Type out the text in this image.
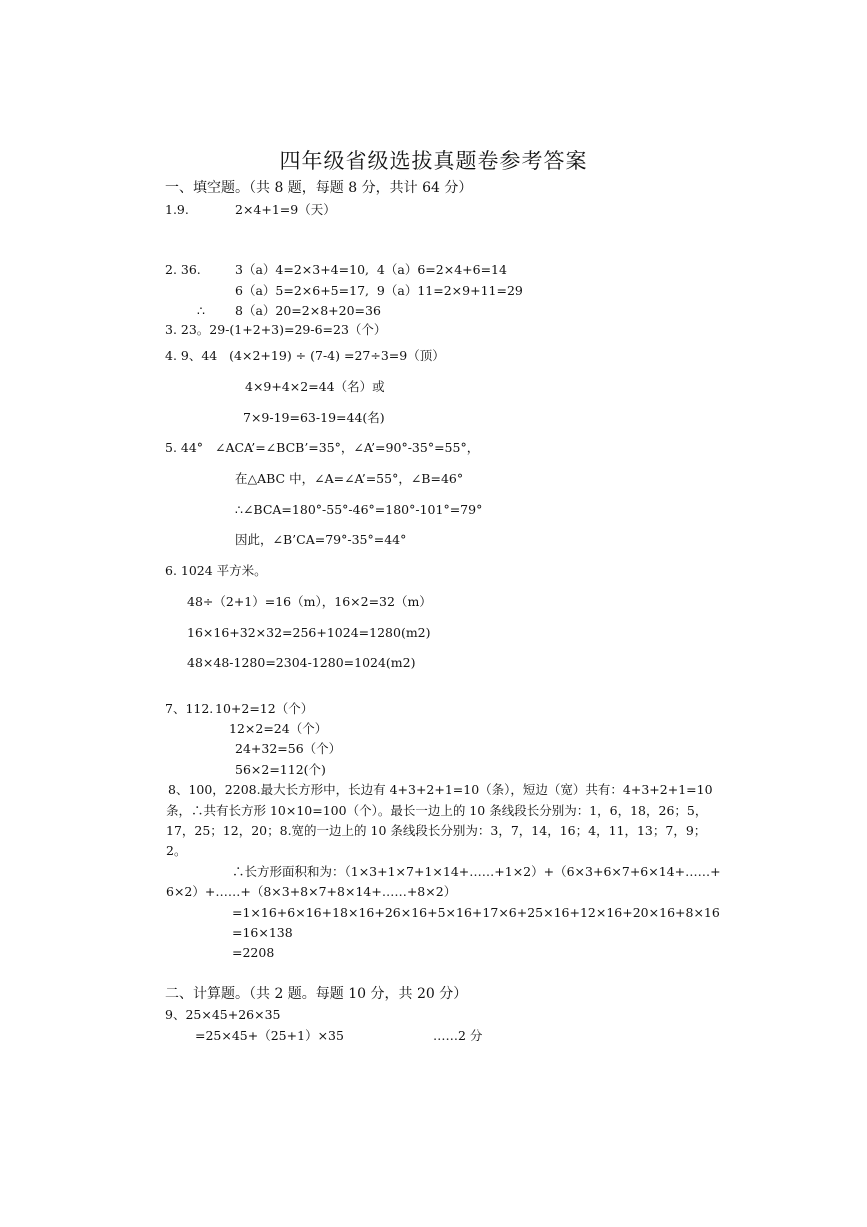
四年级省级选拔真题卷参考答案
一、填空题。（共 8 题，每题 8 分，共计 64 分）
1.9.	2×4+1=9（天）
2. 36.	3（a）4=2×3+4=10,  4（a）6=2×4+6=14
6（a）5=2×6+5=17,  9（a）11=2×9+11=29
∴ 8（a）20=2×8+20=36
3. 23。29-(1+2+3)=29-6=23（个）
4. 9、44   (4×2+19) ÷ (7-4) =27÷3=9（顶）
4×9+4×2=44（名）或
7×9-19=63-19=44(名)
5. 44°   ∠ACA’=∠BCB’=35°，∠A’=90°-35°=55°，
在△ABC 中，∠A=∠A’=55°，∠B=46°
∴∠BCA=180°-55°-46°=180°-101°=79°
因此，∠B’CA=79°-35°=44°
6. 1024 平方米。
48÷（2+1）=16（m），16×2=32（m）
16×16+32×32=256+1024=1280(m2)
48×48-1280=2304-1280=1024(m2)
7、112. 10+2=12（个）
12×2=24（个）
24+32=56（个）
56×2=112(个)
8、100，2208.最大长方形中，长边有 4+3+2+1=10（条），短边（宽）共有：4+3+2+1=10
条，∴共有长方形 10×10=100（个）。最长一边上的 10 条线段长分别为：1，6，18，26；5，
17，25；12，20；8.宽的一边上的 10 条线段长分别为：3，7，14，16；4，11，13；7，9；
2。
∴长方形面积和为：（1×3+1×7+1×14+……+1×2）+（6×3+6×7+6×14+……+
6×2）+……+（8×3+8×7+8×14+……+8×2）
=1×16+6×16+18×16+26×16+5×16+17×6+25×16+12×16+20×16+8×16
=16×138
=2208
二、计算题。（共 2 题。每题 10 分，共 20 分）
9、25×45+26×35
=25×45+（25+1）×35	……2 分
